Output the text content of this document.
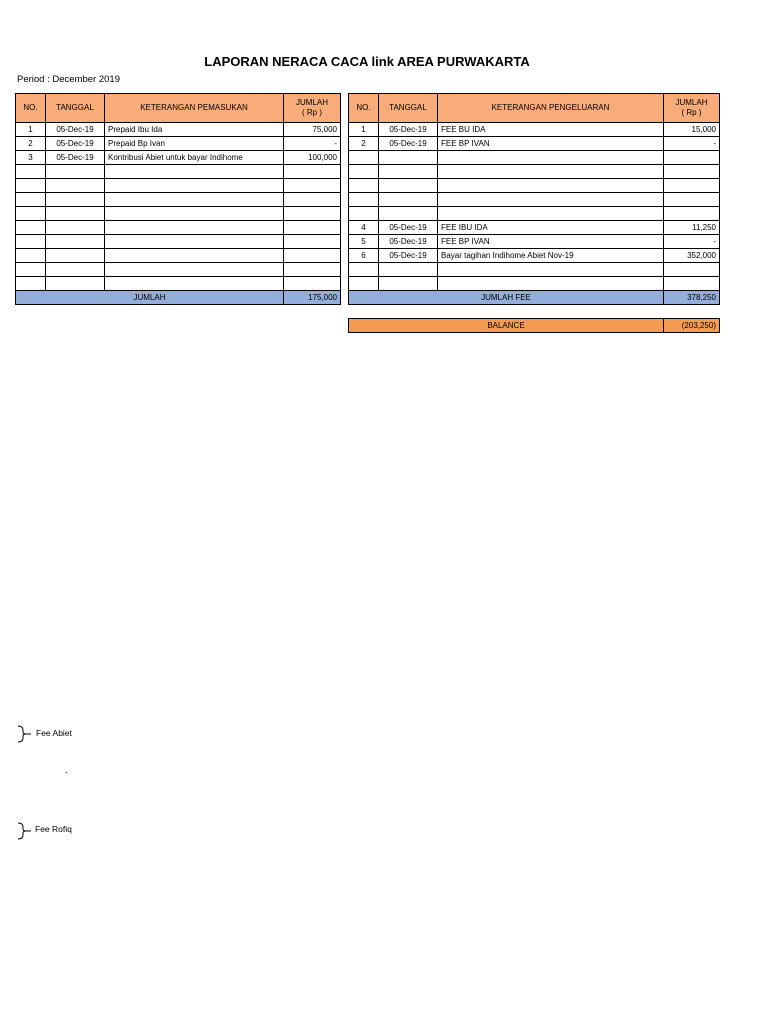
LAPORAN NERACA CACA link AREA PURWAKARTA
Period : December 2019
NO.	TANGGAL	KETERANGAN PEMASUKAN	JUMLAH
( Rp )

1	05-Dec-19	Prepaid Ibu Ida	75,000
2	05-Dec-19	Prepaid Bp Ivan	-
3	05-Dec-19	Kontribusi Abiet untuk bayar Indihome	100,000

JUMLAH			175,000
NO.	TANGGAL	KETERANGAN PENGELUARAN	JUMLAH
( Rp )

1	05-Dec-19	FEE BU IDA	15,000
2	05-Dec-19	FEE BP IVAN	-

4	05-Dec-19	FEE IBU IDA	11,250
5	05-Dec-19	FEE BP IVAN	-
6	05-Dec-19	Bayar tagihan Indihome Abiet Nov-19	352,000

JUMLAH FEE			378,250
BALANCE	(203,250)
Fee Abiet
`
Fee Rofiq
